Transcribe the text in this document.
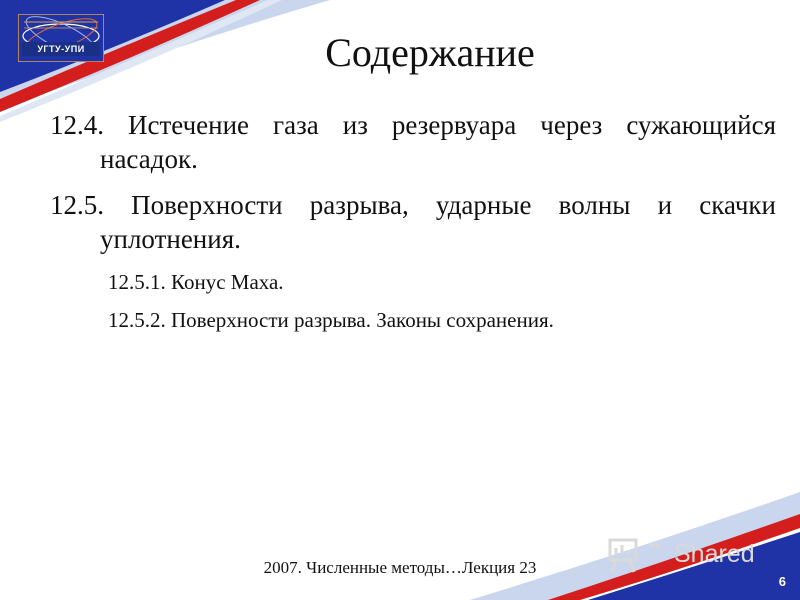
УГТУ-УПИ	Содержание
12.4. Истечение газа из резервуара через сужающийся насадок.
12.5. Поверхности разрыва, ударные волны и скачки уплотнения.
12.5.1. Конус Маха.
12.5.2. Поверхности разрыва. Законы сохранения.
Shared
2007. Численные методы…Лекция 23
6
